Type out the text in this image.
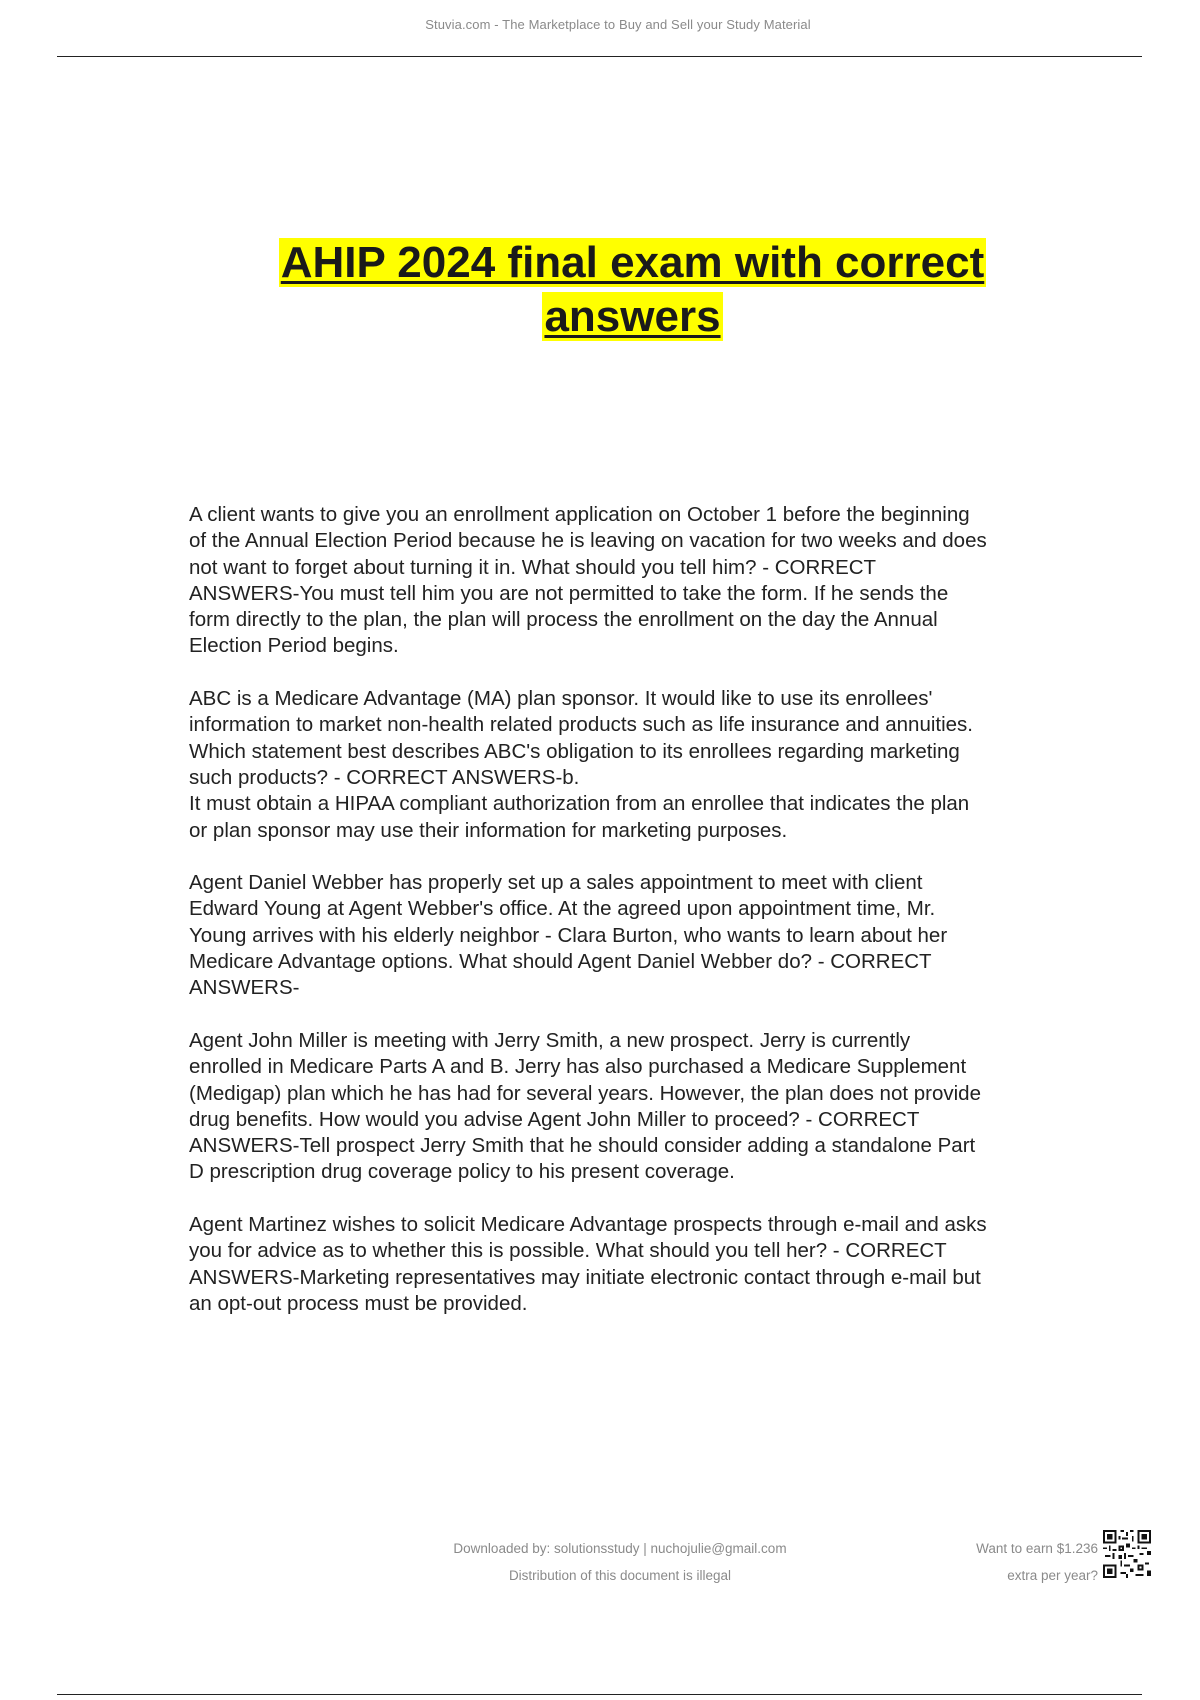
Stuvia.com - The Marketplace to Buy and Sell your Study Material
AHIP 2024 final exam with correct
answers

A client wants to give you an enrollment application on October 1 before the beginning

of the Annual Election Period because he is leaving on vacation for two weeks and does

not want to forget about turning it in. What should you tell him? - CORRECT

ANSWERS-You must tell him you are not permitted to take the form. If he sends the

form directly to the plan, the plan will process the enrollment on the day the Annual

Election Period begins.

ABC is a Medicare Advantage (MA) plan sponsor. It would like to use its enrollees'

information to market non-health related products such as life insurance and annuities.

Which statement best describes ABC's obligation to its enrollees regarding marketing

such products? - CORRECT ANSWERS-b.

It must obtain a HIPAA compliant authorization from an enrollee that indicates the plan

or plan sponsor may use their information for marketing purposes.

Agent Daniel Webber has properly set up a sales appointment to meet with client

Edward Young at Agent Webber's office. At the agreed upon appointment time, Mr.

Young arrives with his elderly neighbor - Clara Burton, who wants to learn about her

Medicare Advantage options. What should Agent Daniel Webber do? - CORRECT

ANSWERS-

Agent John Miller is meeting with Jerry Smith, a new prospect. Jerry is currently

enrolled in Medicare Parts A and B. Jerry has also purchased a Medicare Supplement

(Medigap) plan which he has had for several years. However, the plan does not provide

drug benefits. How would you advise Agent John Miller to proceed? - CORRECT

ANSWERS-Tell prospect Jerry Smith that he should consider adding a standalone Part

D prescription drug coverage policy to his present coverage.

Agent Martinez wishes to solicit Medicare Advantage prospects through e-mail and asks

you for advice as to whether this is possible. What should you tell her? - CORRECT

ANSWERS-Marketing representatives may initiate electronic contact through e-mail but

an opt-out process must be provided.

Downloaded by: solutionsstudy | nuchojulie@gmail.com
Distribution of this document is illegal
Want to earn $1.236
extra per year?
